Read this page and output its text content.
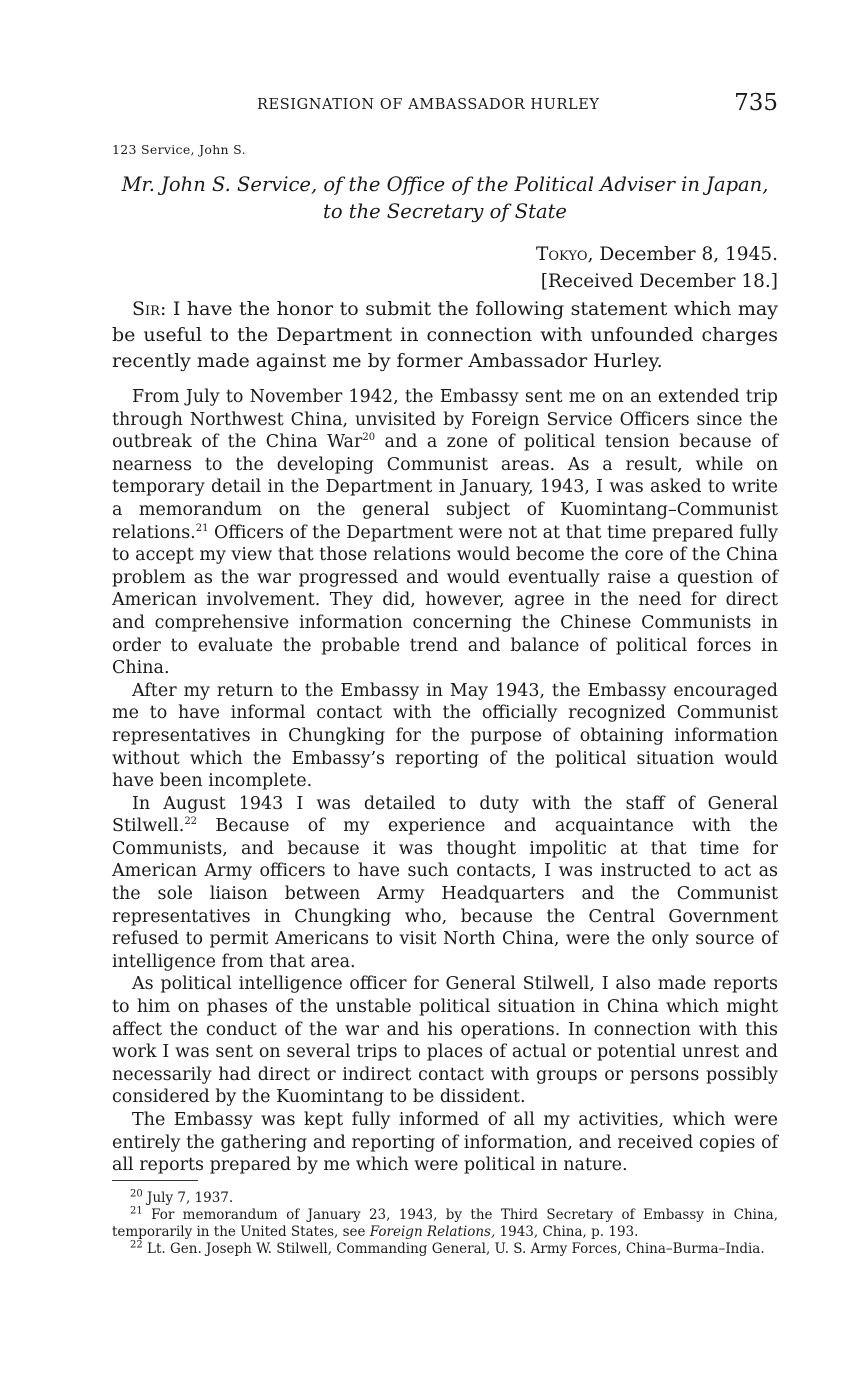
RESIGNATION OF AMBASSADOR HURLEY	735
123 Service, John S.
Mr. John S. Service, of the Office of the Political Adviser in Japan,
to the Secretary of State
Tokyo, December 8, 1945.
[Received December 18.]
Sir: I have the honor to submit the following statement which may be useful to the Department in connection with unfounded charges recently made against me by former Ambassador Hurley.

From July to November 1942, the Embassy sent me on an extended trip through Northwest China, unvisited by Foreign Service Officers since the outbreak of the China War$^{20}$ and a zone of political tension because of nearness to the developing Communist areas. As a result, while on temporary detail in the Department in January, 1943, I was asked to write a memorandum on the general subject of Kuomintang–Communist relations.$^{21}$ Officers of the Department were not at that time prepared fully to accept my view that those relations would become the core of the China problem as the war progressed and would eventually raise a question of American involvement. They did, however, agree in the need for direct and comprehensive information concerning the Chinese Communists in order to evaluate the probable trend and balance of political forces in China.

After my return to the Embassy in May 1943, the Embassy encouraged me to have informal contact with the officially recognized Communist representatives in Chungking for the purpose of obtaining information without which the Embassy’s reporting of the political situation would have been incomplete.

In August 1943 I was detailed to duty with the staff of General Stilwell.$^{22}$ Because of my experience and acquaintance with the Communists, and because it was thought impolitic at that time for American Army officers to have such contacts, I was instructed to act as the sole liaison between Army Headquarters and the Communist representatives in Chungking who, because the Central Government refused to permit Americans to visit North China, were the only source of intelligence from that area.

As political intelligence officer for General Stilwell, I also made reports to him on phases of the unstable political situation in China which might affect the conduct of the war and his operations. In connection with this work I was sent on several trips to places of actual or potential unrest and necessarily had direct or indirect contact with groups or persons possibly considered by the Kuomintang to be dissident.

The Embassy was kept fully informed of all my activities, which were entirely the gathering and reporting of information, and received copies of all reports prepared by me which were political in nature.

$^{20}$ July 7, 1937.

$^{21}$ For memorandum of January 23, 1943, by the Third Secretary of Embassy in China, temporarily in the United States, see Foreign Relations, 1943, China, p. 193.

$^{22}$ Lt. Gen. Joseph W. Stilwell, Commanding General, U. S. Army Forces, China–Burma–India.
